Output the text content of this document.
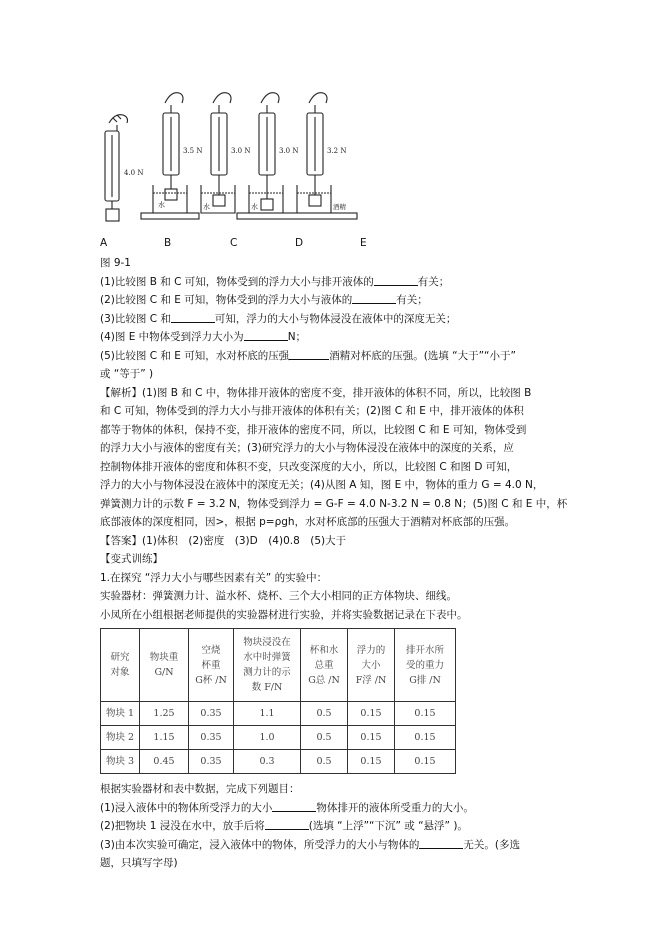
4.0 N
3.5 N
水
3.0 N
水
3.0 N
水
3.2 N
酒精
A	B	C	D	E
图 9-1
(1)比较图 B 和 C 可知，物体受到的浮力大小与排开液体的	有关；
(2)比较图 C 和 E 可知，物体受到的浮力大小与液体的	有关；
(3)比较图 C 和	可知，浮力的大小与物体浸没在液体中的深度无关；
(4)图 E 中物体受到浮力大小为	N；
(5)比较图 C 和 E 可知，水对杯底的压强	酒精对杯底的压强。(选填 “大于”“小于”
或 “等于” )
【解析】(1)图 B 和 C 中，物体排开液体的密度不变，排开液体的体积不同，所以，比较图 B
和 C 可知，物体受到的浮力大小与排开液体的体积有关；(2)图 C 和 E 中，排开液体的体积
都等于物体的体积，保持不变，排开液体的密度不同，所以，比较图 C 和 E 可知，物体受到
的浮力大小与液体的密度有关；(3)研究浮力的大小与物体浸没在液体中的深度的关系，应
控制物体排开液体的密度和体积不变，只改变深度的大小，所以，比较图 C 和图 D 可知，
浮力的大小与物体浸没在液体中的深度无关；(4)从图 A 知，图 E 中，物体的重力 G = 4.0 N，
弹簧测力计的示数 F = 3.2 N，物体受到浮力 = G-F = 4.0 N-3.2 N = 0.8 N；(5)图 C 和 E 中，杯
底部液体的深度相同，因>，根据 p=ρgh，水对杯底部的压强大于酒精对杯底部的压强。
【答案】(1)体积　(2)密度　(3)D　(4)0.8　(5)大于
【变式训练】
1.在探究 “浮力大小与哪些因素有关” 的实验中：
实验器材：弹簧测力计、溢水杯、烧杯、三个大小相同的正方体物块、细线。
小凤所在小组根据老师提供的实验器材进行实验，并将实验数据记录在下表中。
研究
对象	物块重
G/N	空烧
杯重
G杯 /N	物块浸没在
水中时弹簧
测力计的示
数 F/N	杯和水
总重
G总 /N	浮力的
大小
F浮 /N	排开水所
受的重力
G排 /N
物块 1	1.25	0.35	1.1	0.5	0.15	0.15
物块 2	1.15	0.35	1.0	0.5	0.15	0.15
物块 3	0.45	0.35	0.3	0.5	0.15	0.15
根据实验器材和表中数据，完成下列题目：
(1)浸入液体中的物体所受浮力的大小	物体排开的液体所受重力的大小。
(2)把物块 1 浸没在水中，放手后将	(选填 “上浮”“下沉” 或 “悬浮” )。
(3)由本次实验可确定，浸入液体中的物体，所受浮力的大小与物体的	无关。(多选
题，只填写字母)
